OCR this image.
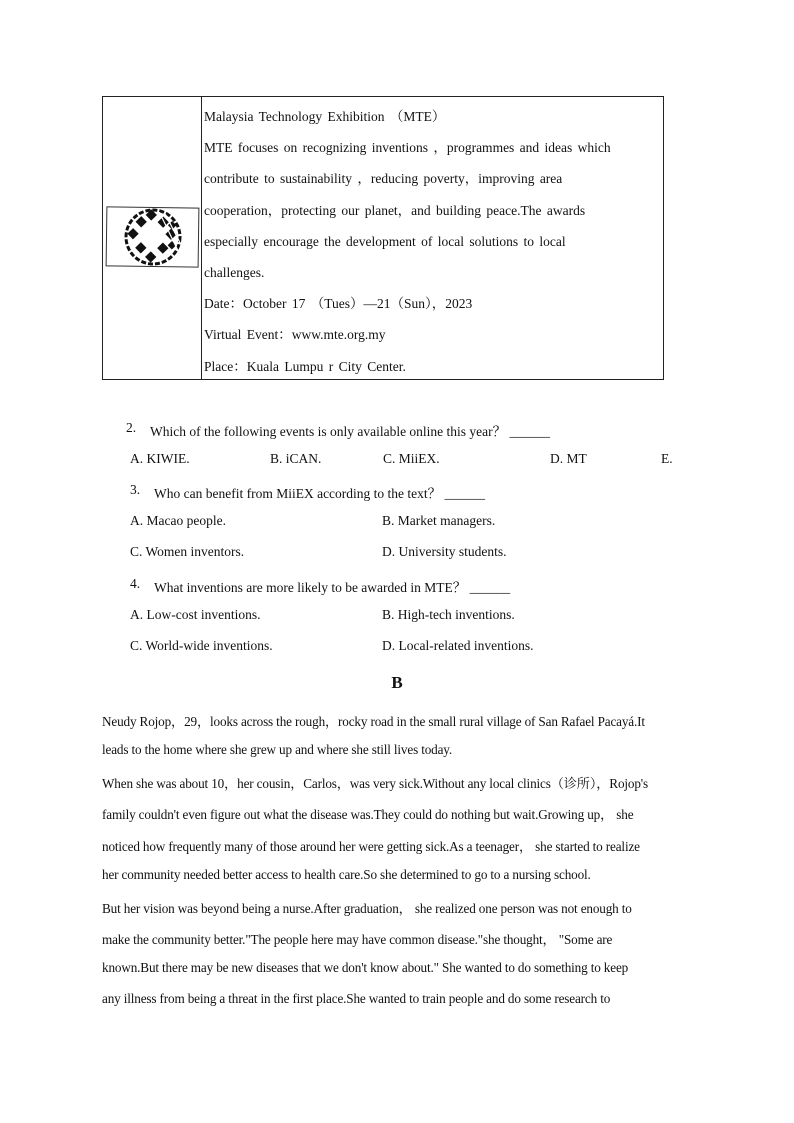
Malaysia Technology Exhibition （MTE）
MTE focuses on recognizing inventions ，programmes and ideas which
contribute to sustainability ，reducing poverty，improving area
cooperation，protecting our planet，and building peace.The awards
especially encourage the development of local solutions to local
challenges.
Date：October 17 （Tues）—21（Sun），2023
Virtual Event：www.mte.org.my
Place：Kuala Lumpu r City Center.
2. Which of the following events is only available online this year？ ______
A. KIWIE.	B. iCAN.	C. MiiEX.	D. MT	E.
3. Who can benefit from MiiEX according to the text？ ______
A. Macao people.	B. Market managers.
C. Women inventors.	D. University students.
4. What inventions are more likely to be awarded in MTE？ ______
A. Low-cost inventions.	B. High-tech inventions.
C. World-wide inventions.	D. Local-related inventions.
B
Neudy Rojop，29，looks across the rough，rocky road in the small rural village of San Rafael Pacayá.It
leads to the home where she grew up and where she still lives today.
When she was about 10，her cousin，Carlos，was very sick.Without any local clinics（诊所），Rojop's
family couldn't even figure out what the disease was.They could do nothing but wait.Growing up， she
noticed how frequently many of those around her were getting sick.As a teenager， she started to realize
her community needed better access to health care.So she determined to go to a nursing school.
But her vision was beyond being a nurse.After graduation， she realized one person was not enough to
make the community better."The people here may have common disease."she thought， "Some are
known.But there may be new diseases that we don't know about." She wanted to do something to keep
any illness from being a threat in the first place.She wanted to train people and do some research to
